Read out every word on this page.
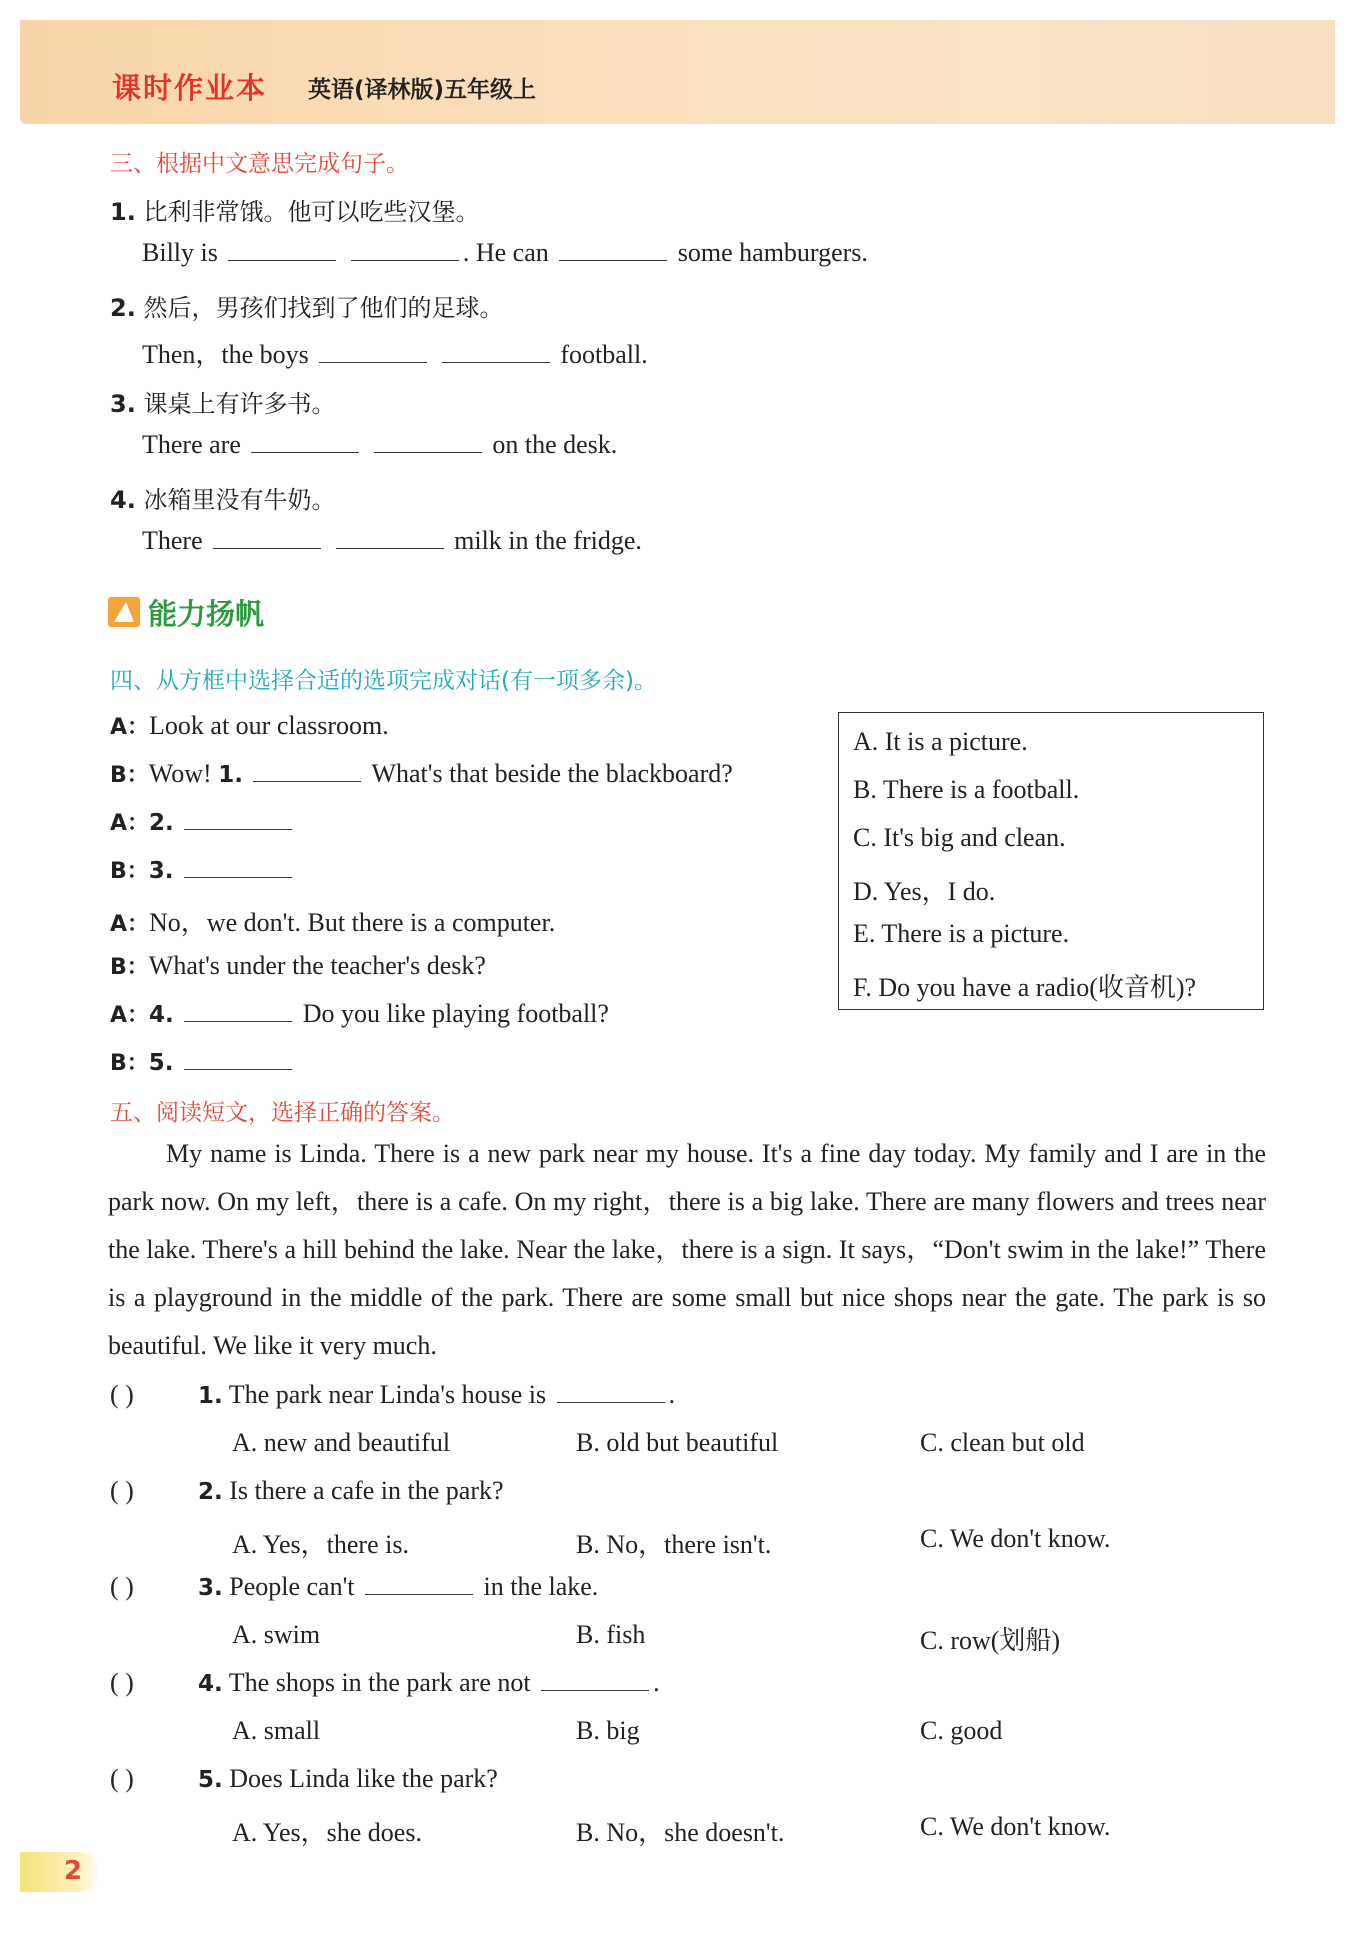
课时作业本 英语(译林版)五年级上
三、根据中文意思完成句子。
1. 比利非常饿。他可以吃些汉堡。
Billy is	. He can	some hamburgers.
2. 然后，男孩们找到了他们的足球。
Then，the boys	football.
3. 课桌上有许多书。
There are	on the desk.
4. 冰箱里没有牛奶。
There	milk in the fridge.
能力扬帆
四、从方框中选择合适的选项完成对话(有一项多余)。
A：Look at our classroom.
B：Wow! 1.	What's that beside the blackboard?
A：2.
B：3.
A：No，we don't. But there is a computer.
B：What's under the teacher's desk?
A：4.	Do you like playing football?
B：5.
A. It is a picture.
B. There is a football.
C. It's big and clean.
D. Yes，I do.
E. There is a picture.
F. Do you have a radio(收音机)?
五、阅读短文，选择正确的答案。

My name is Linda. There is a new park near my house. It's a fine day today. My family and I are in the park now. On my left，there is a cafe. On my right，there is a big lake. There are many flowers and trees near the lake. There's a hill behind the lake. Near the lake，there is a sign. It says，“Don't swim in the lake!” There is a playground in the middle of the park. There are some small but nice shops near the gate. The park is so beautiful. We like it very much.

( )	1. The park near Linda's house is	.
A. new and beautiful	B. old but beautiful	C. clean but old
( )	2. Is there a cafe in the park?
A. Yes，there is.	B. No，there isn't.	C. We don't know.
( )	3. People can't	in the lake.
A. swim	B. fish	C. row(划船)
( )	4. The shops in the park are not	.
A. small	B. big	C. good
( )	5. Does Linda like the park?
A. Yes，she does.	B. No，she doesn't.	C. We don't know.
2
